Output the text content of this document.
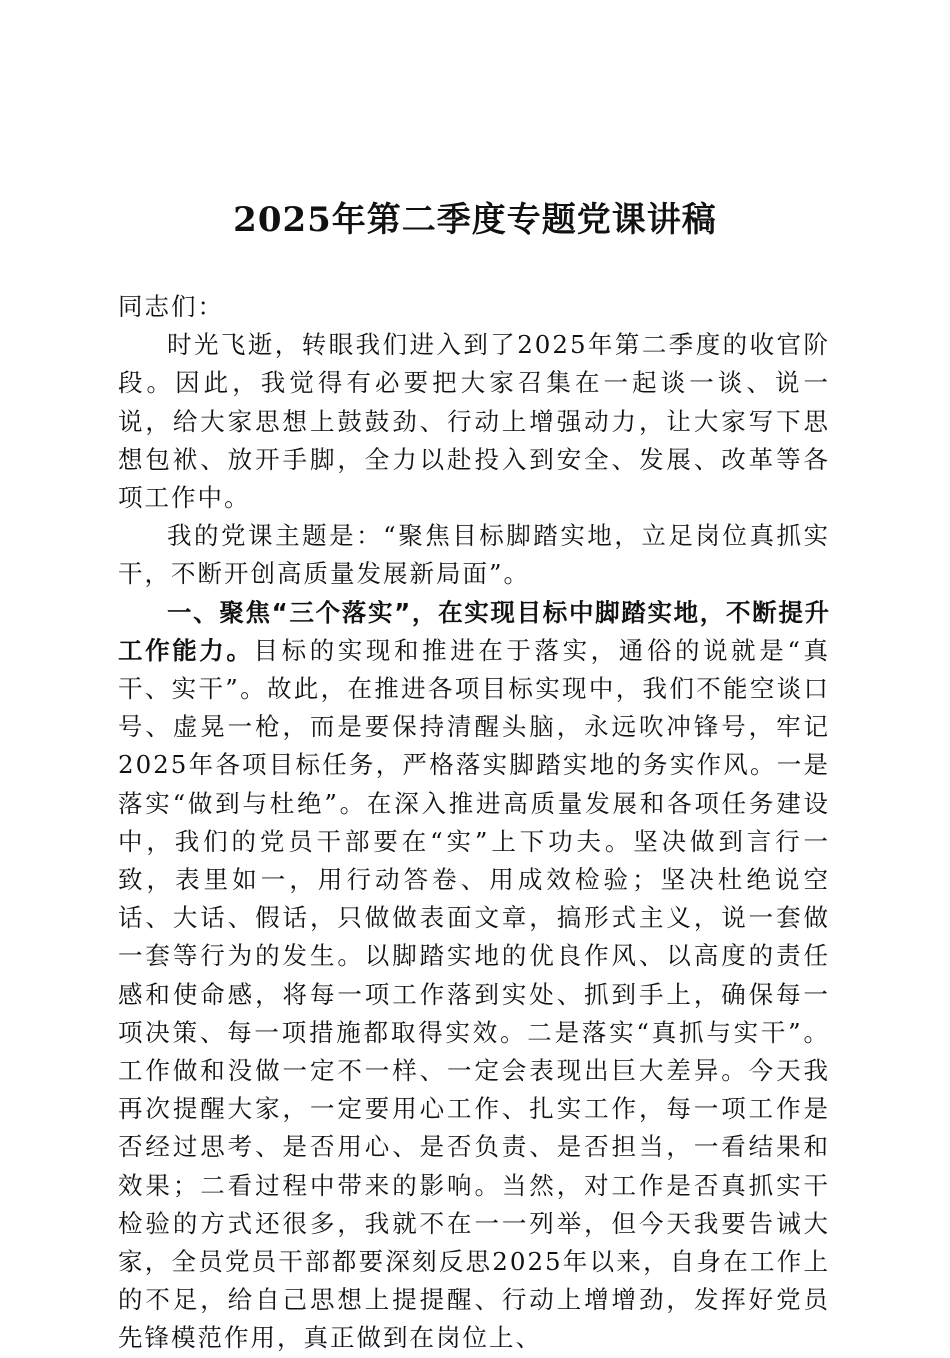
2025年第二季度专题党课讲稿

同志们：

时光飞逝，转眼我们进入到了2025年第二季度的收官阶段。因此，我觉得有必要把大家召集在一起谈一谈、说一说，给大家思想上鼓鼓劲、行动上增强动力，让大家写下思想包袱、放开手脚，全力以赴投入到安全、发展、改革等各项工作中。

我的党课主题是：“聚焦目标脚踏实地，立足岗位真抓实干，不断开创高质量发展新局面”。

一、聚焦“三个落实”，在实现目标中脚踏实地，不断提升工作能力。目标的实现和推进在于落实，通俗的说就是“真干、实干”。故此，在推进各项目标实现中，我们不能空谈口号、虚晃一枪，而是要保持清醒头脑，永远吹冲锋号，牢记2025年各项目标任务，严格落实脚踏实地的务实作风。一是落实“做到与杜绝”。在深入推进高质量发展和各项任务建设中，我们的党员干部要在“实”上下功夫。坚决做到言行一致，表里如一，用行动答卷、用成效检验；坚决杜绝说空话、大话、假话，只做做表面文章，搞形式主义，说一套做一套等行为的发生。以脚踏实地的优良作风、以高度的责任感和使命感，将每一项工作落到实处、抓到手上，确保每一项决策、每一项措施都取得实效。二是落实“真抓与实干”。工作做和没做一定不一样、一定会表现出巨大差异。今天我再次提醒大家，一定要用心工作、扎实工作，每一项工作是否经过思考、是否用心、是否负责、是否担当，一看结果和效果；二看过程中带来的影响。当然，对工作是否真抓实干检验的方式还很多，我就不在一一列举，但今天我要告诫大家，全员党员干部都要深刻反思2025年以来，自身在工作上的不足，给自己思想上提提醒、行动上增增劲，发挥好党员先锋模范作用，真正做到在岗位上、
